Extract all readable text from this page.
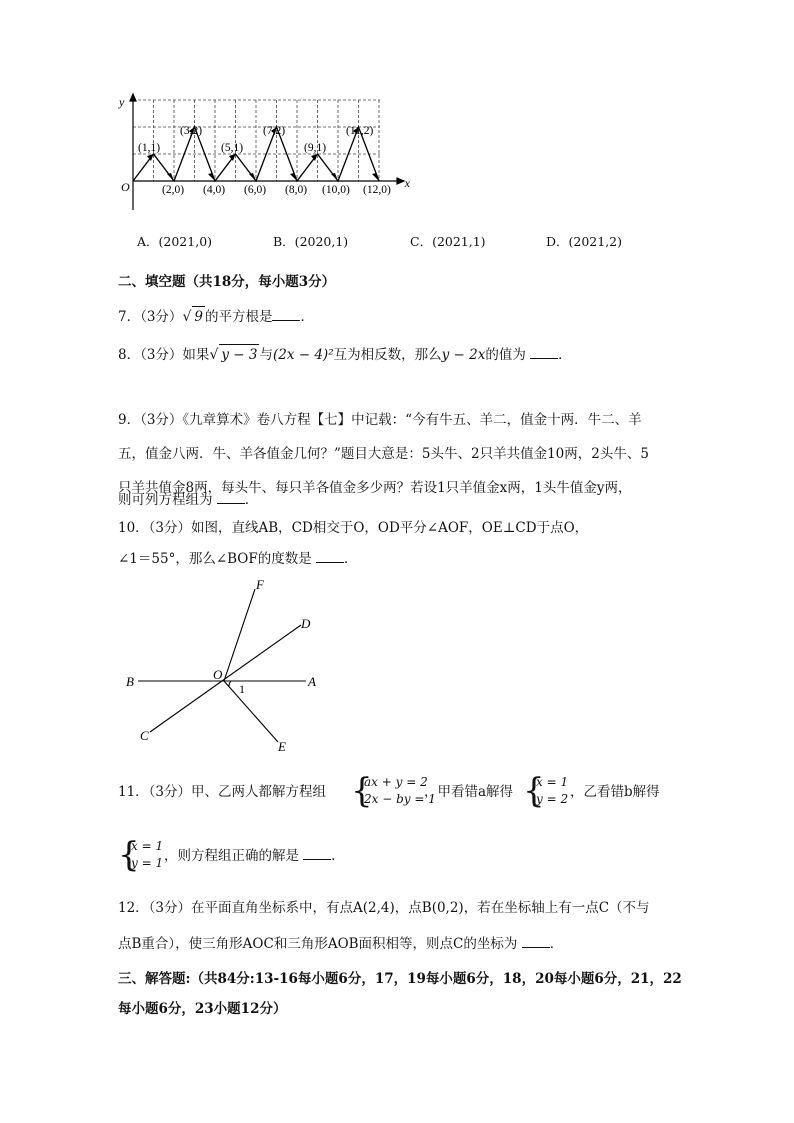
y
x
O
(1,1)
(3,2)
(5,1)
(7,2)
(9,1)
(11,2)
(2,0) (4,0) (6,0) (8,0) (10,0) (12,0)
A．(2021,0)	B．(2020,1)	C．(2021,1)	D．(2021,2)
二、填空题（共18分，每小题3分）
7．（3分）√ 9 的平方根是 ．
8．（3分）如果√ y − 3 与(2x − 4)²互为相反数，那么y − 2x的值为 ．
9．（3分）《九章算术》卷八方程【七】中记载：“今有牛五、羊二，值金十两．牛二、羊
五，值金八两．牛、羊各值金几何？”题目大意是：5头牛、2只羊共值金10两，2头牛、5
只羊共值金8两，每头牛、每只羊各值金多少两？若设1只羊值金x两，1头牛值金y两，
则可列方程组为 ．
10．（3分）如图，直线AB，CD相交于O，OD平分∠AOF，OE⊥CD于点O，
∠1＝55°，那么∠BOF的度数是 ．
F
D
B	O	A
C
E
1
11．（3分）甲、乙两人都解方程组 {
ax + y = 2
2x − by = 1
，甲看错a解得 {
x = 1
y = 2 ，乙看错b解得
{
x = 1
y = 1 ，则方程组正确的解是 ．
12．（3分）在平面直角坐标系中，有点A(2,4)，点B(0,2)，若在坐标轴上有一点C（不与
点B重合），使三角形AOC和三角形AOB面积相等，则点C的坐标为 ．
三、解答题:（共84分:13-16每小题6分，17，19每小题6分，18，20每小题6分，21，22
每小题6分，23小题12分）
